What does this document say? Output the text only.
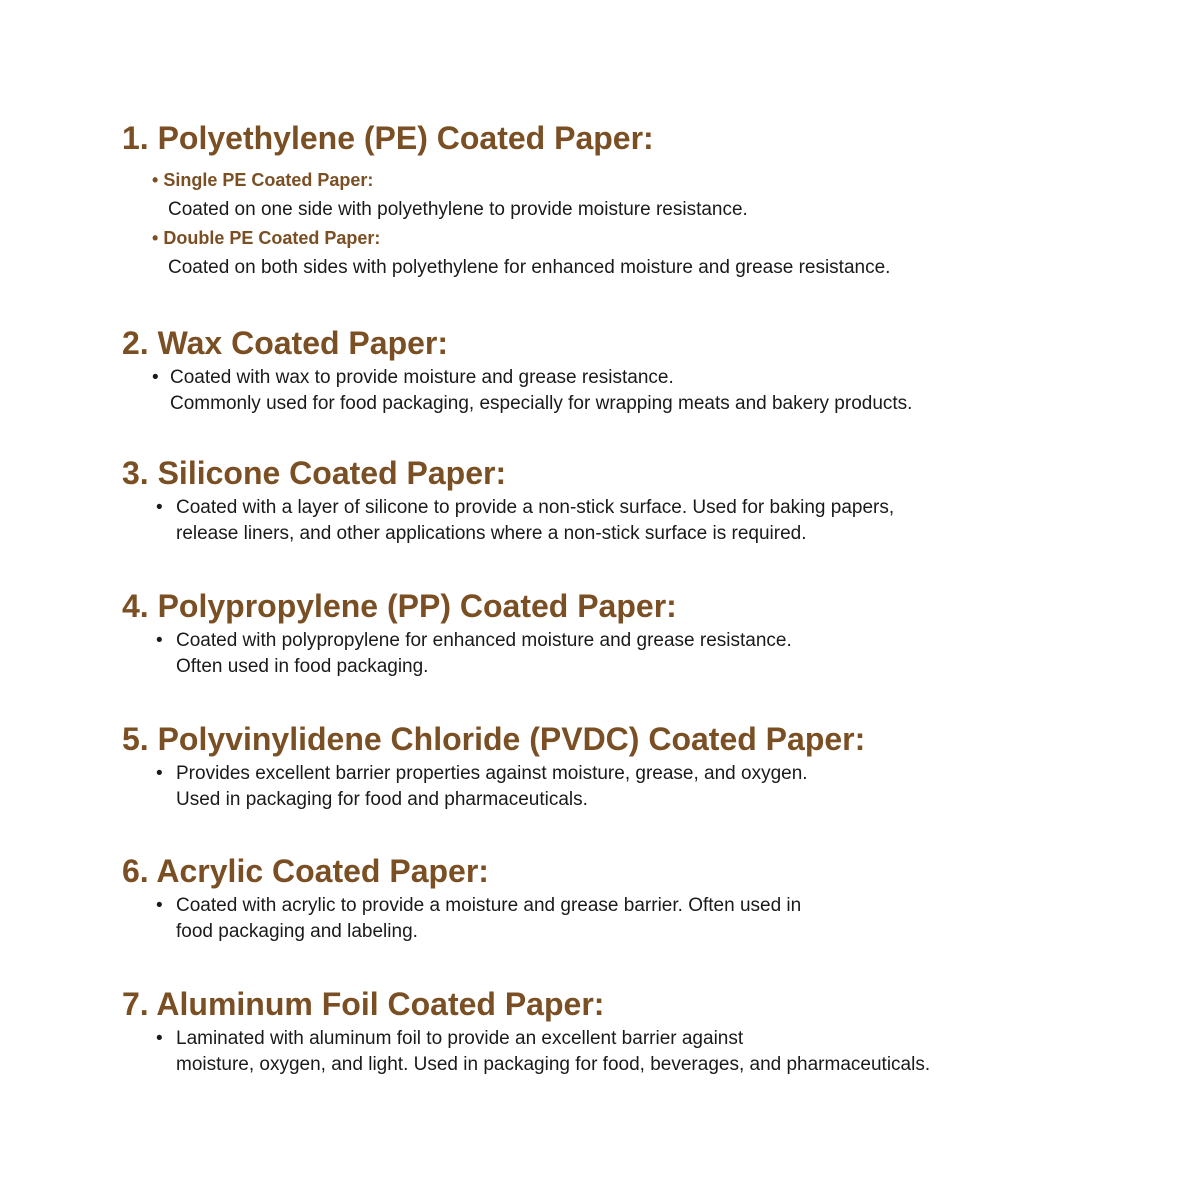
1. Polyethylene (PE) Coated Paper:
• Single PE Coated Paper:
Coated on one side with polyethylene to provide moisture resistance.
• Double PE Coated Paper:
Coated on both sides with polyethylene for enhanced moisture and grease resistance.
2. Wax Coated Paper:
• Coated with wax to provide moisture and grease resistance.
Commonly used for food packaging, especially for wrapping meats and bakery products.
3. Silicone Coated Paper:
• Coated with a layer of silicone to provide a non-stick surface. Used for baking papers,
release liners, and other applications where a non-stick surface is required.
4. Polypropylene (PP) Coated Paper:
• Coated with polypropylene for enhanced moisture and grease resistance.
Often used in food packaging.
5. Polyvinylidene Chloride (PVDC) Coated Paper:
• Provides excellent barrier properties against moisture, grease, and oxygen.
Used in packaging for food and pharmaceuticals.
6. Acrylic Coated Paper:
• Coated with acrylic to provide a moisture and grease barrier. Often used in
food packaging and labeling.
7. Aluminum Foil Coated Paper:
• Laminated with aluminum foil to provide an excellent barrier against
moisture, oxygen, and light. Used in packaging for food, beverages, and pharmaceuticals.
